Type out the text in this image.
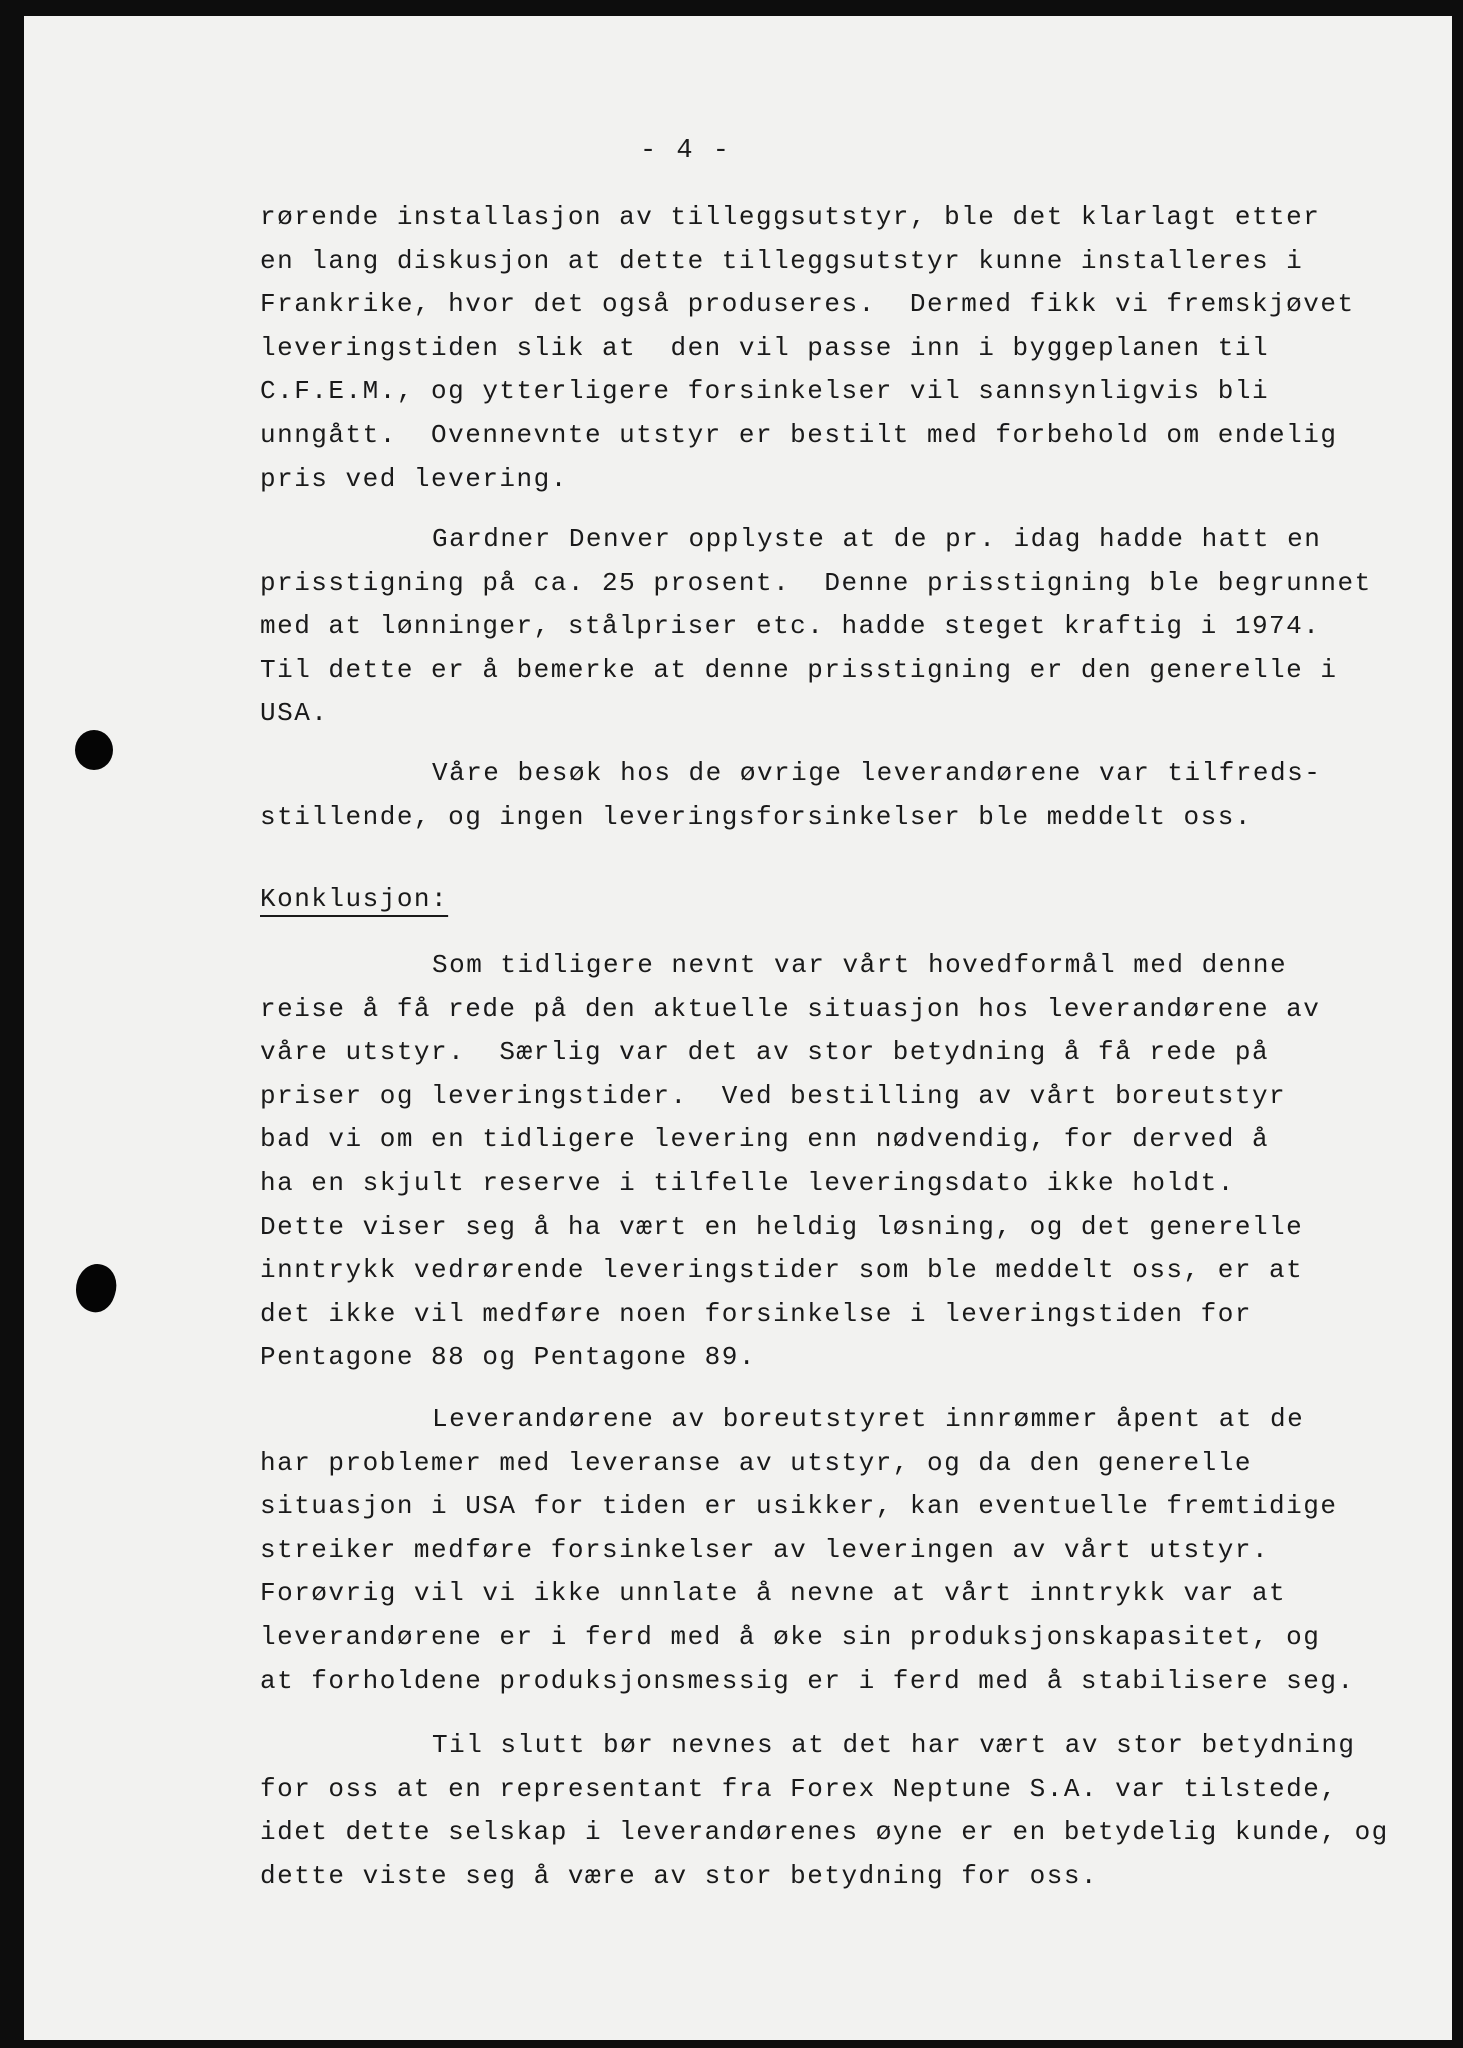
- 4 -
rørende installasjon av tilleggsutstyr, ble det klarlagt etter
en lang diskusjon at dette tilleggsutstyr kunne installeres i
Frankrike, hvor det også produseres.  Dermed fikk vi fremskjøvet
leveringstiden slik at  den vil passe inn i byggeplanen til
C.F.E.M., og ytterligere forsinkelser vil sannsynligvis bli
unngått.  Ovennevnte utstyr er bestilt med forbehold om endelig
pris ved levering.
Gardner Denver opplyste at de pr. idag hadde hatt en
prisstigning på ca. 25 prosent.  Denne prisstigning ble begrunnet
med at lønninger, stålpriser etc. hadde steget kraftig i 1974.
Til dette er å bemerke at denne prisstigning er den generelle i
USA.
Våre besøk hos de øvrige leverandørene var tilfreds-
stillende, og ingen leveringsforsinkelser ble meddelt oss.
Konklusjon:
Som tidligere nevnt var vårt hovedformål med denne
reise å få rede på den aktuelle situasjon hos leverandørene av
våre utstyr.  Særlig var det av stor betydning å få rede på
priser og leveringstider.  Ved bestilling av vårt boreutstyr
bad vi om en tidligere levering enn nødvendig, for derved å
ha en skjult reserve i tilfelle leveringsdato ikke holdt.
Dette viser seg å ha vært en heldig løsning, og det generelle
inntrykk vedrørende leveringstider som ble meddelt oss, er at
det ikke vil medføre noen forsinkelse i leveringstiden for
Pentagone 88 og Pentagone 89.
Leverandørene av boreutstyret innrømmer åpent at de
har problemer med leveranse av utstyr, og da den generelle
situasjon i USA for tiden er usikker, kan eventuelle fremtidige
streiker medføre forsinkelser av leveringen av vårt utstyr.
Forøvrig vil vi ikke unnlate å nevne at vårt inntrykk var at
leverandørene er i ferd med å øke sin produksjonskapasitet, og
at forholdene produksjonsmessig er i ferd med å stabilisere seg.
Til slutt bør nevnes at det har vært av stor betydning
for oss at en representant fra Forex Neptune S.A. var tilstede,
idet dette selskap i leverandørenes øyne er en betydelig kunde, og
dette viste seg å være av stor betydning for oss.
